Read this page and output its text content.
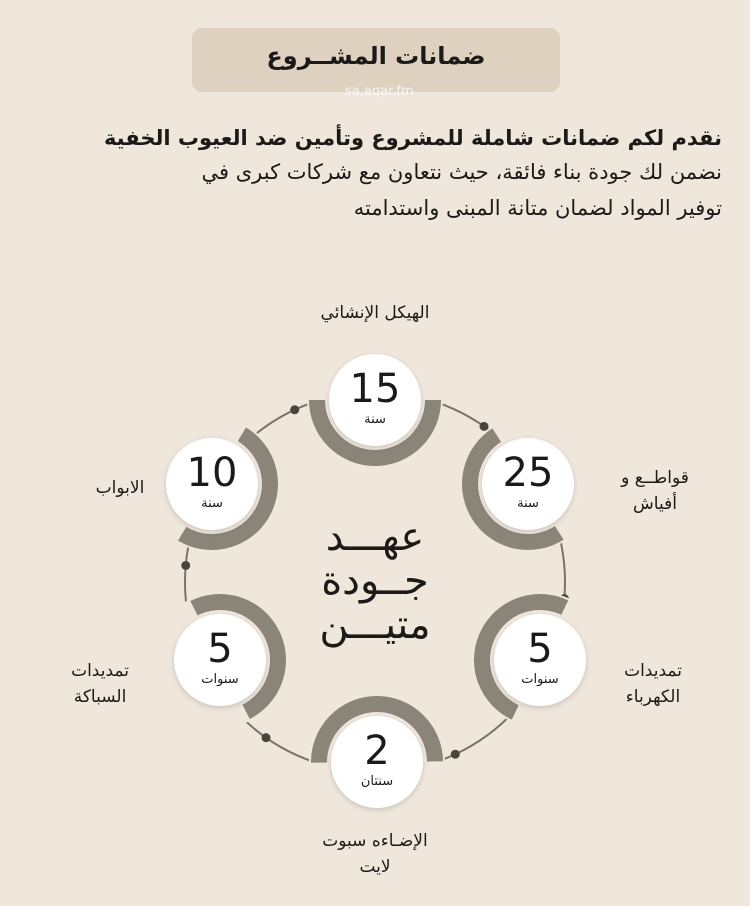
ضمانات المشــروع
sa.aqar.fm
نقدم لكم ضمانات شاملة للمشروع وتأمين ضد العيوب الخفية
نضمن لك جودة بناء فائقة، حيث نتعاون مع شركات كبرى في
توفير المواد لضمان متانة المبنى واستدامته
عهـــد
جــودة
متيـــن
15
سنة
25
سنة
5
سنوات
2
سنتان
5
سنوات
10
سنة
الهيكل الإنشائي
قواطــع و أفياش
تمديدات الكهرباء
الإضـاءه سبوت لايت
تمديدات السباكة
الابواب
